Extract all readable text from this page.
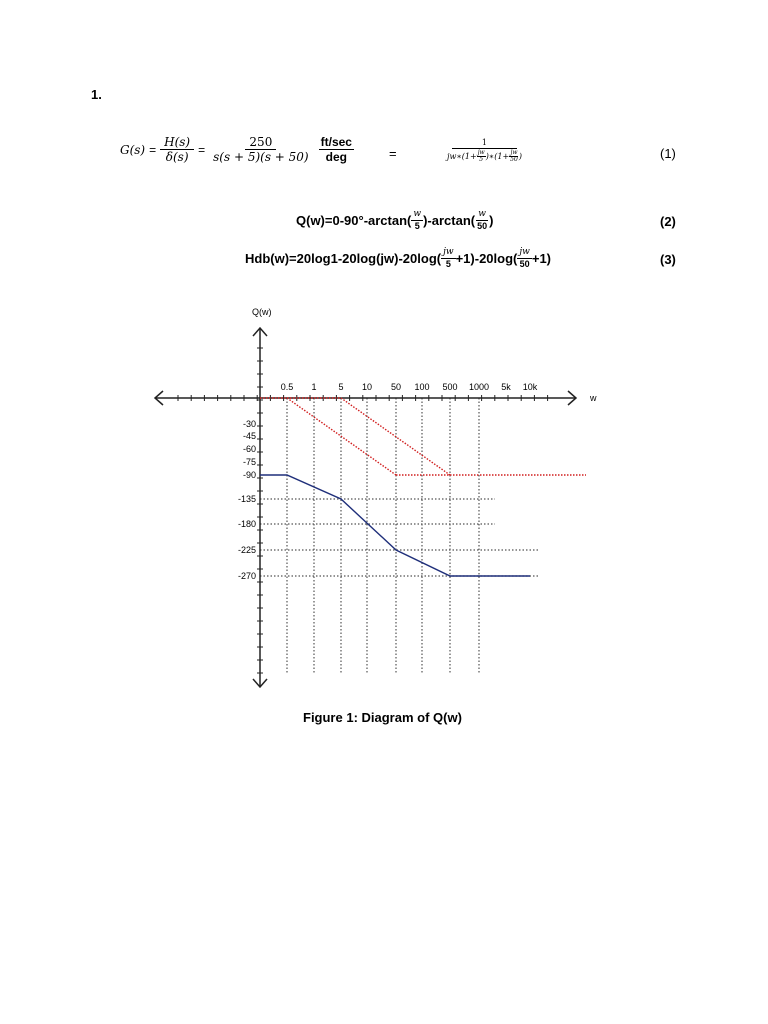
1.
$G(s) = \frac{H(s)}{\delta(s)} = \frac{250}{s(s + 5)(s + 50)} \frac{ft/\sec}{\text{deg}}$	=
1
jw∗ ($1+ \frac{jw}{5}$ )∗ ($1+ \frac{jw}{50}$ )	(1)
$Q(w)=0-90^\circ-\arctan( \frac{w}{5} )-\arctan( \frac{w}{50}$ )	(2)
$Hdb(w)=20\log 1-20\log(jw)-20\log( \frac{jw}{5} +1)-20\log( \frac{jw}{50} +1)$	(3)
Q(w)
w
0.5 1 5 10 50 100 500 1000 5k 10k
-30
-45
-60
-75
-90
-135
-180
-225
-270
Figure 1: Diagram of Q(w)
